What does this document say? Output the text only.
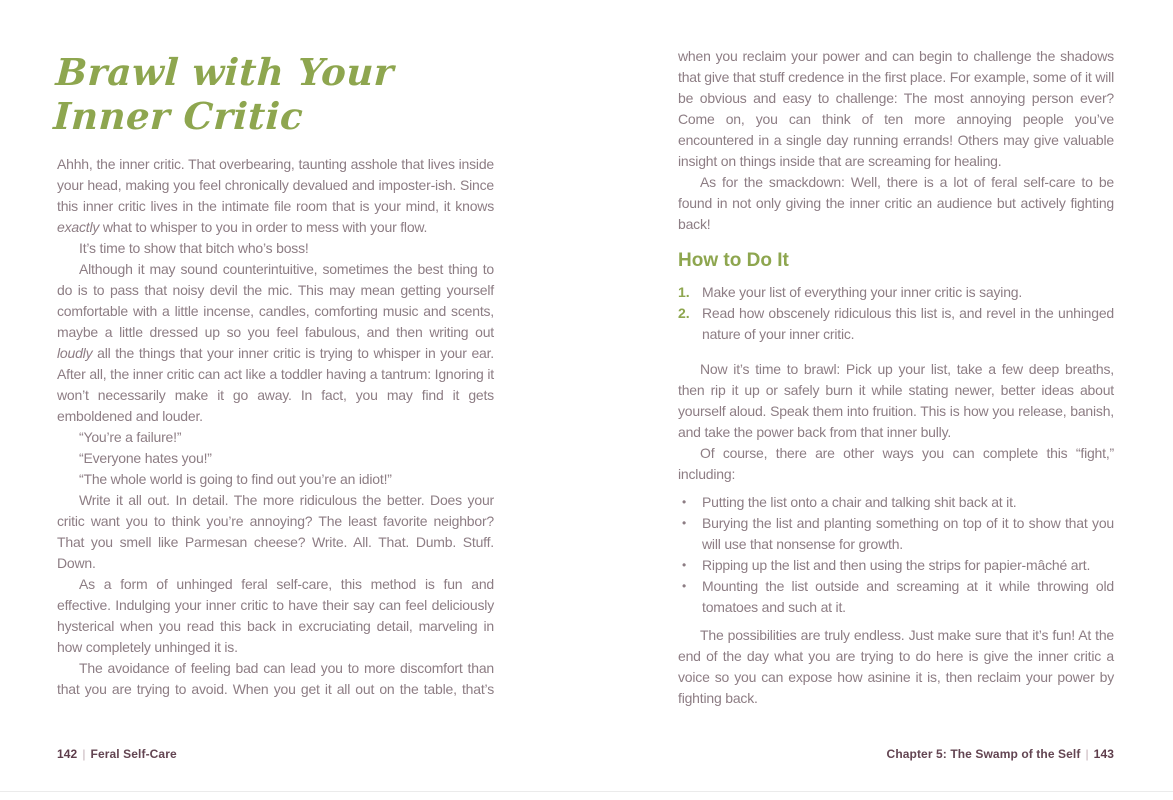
Brawl with Your
Inner Critic

Ahhh, the inner critic. That overbearing, taunting asshole that lives inside your head, making you feel chronically devalued and imposter-ish. Since this inner critic lives in the intimate file room that is your mind, it knows exactly what to whisper to you in order to mess with your flow.

It’s time to show that bitch who’s boss!

Although it may sound counterintuitive, sometimes the best thing to do is to pass that noisy devil the mic. This may mean getting yourself comfortable with a little incense, candles, comforting music and scents, maybe a little dressed up so you feel fabulous, and then writing out loudly all the things that your inner critic is trying to whisper in your ear. After all, the inner critic can act like a toddler having a tantrum: Ignoring it won’t necessarily make it go away. In fact, you may find it gets emboldened and louder.

“You’re a failure!”

“Everyone hates you!”

“The whole world is going to find out you’re an idiot!”

Write it all out. In detail. The more ridiculous the better. Does your critic want you to think you’re annoying? The least favorite neighbor? That you smell like Parmesan cheese? Write. All. That. Dumb. Stuff. Down.

As a form of unhinged feral self-care, this method is fun and effective. Indulging your inner critic to have their say can feel deliciously hysterical when you read this back in excruciating detail, marveling in how completely unhinged it is.

The avoidance of feeling bad can lead you to more discomfort than that you are trying to avoid. When you get it all out on the table, that’s

when you reclaim your power and can begin to challenge the shadows that give that stuff credence in the first place. For example, some of it will be obvious and easy to challenge: The most annoying person ever? Come on, you can think of ten more annoying people you’ve encountered in a single day running errands! Others may give valuable insight on things inside that are screaming for healing.

As for the smackdown: Well, there is a lot of feral self-care to be found in not only giving the inner critic an audience but actively fighting back!

How to Do It
1. Make your list of everything your inner critic is saying.
2. Read how obscenely ridiculous this list is, and revel in the unhinged nature of your inner critic.

Now it’s time to brawl: Pick up your list, take a few deep breaths, then rip it up or safely burn it while stating newer, better ideas about yourself aloud. Speak them into fruition. This is how you release, banish, and take the power back from that inner bully.

Of course, there are other ways you can complete this “fight,” including:

•	Putting the list onto a chair and talking shit back at it.
•	Burying the list and planting something on top of it to show that you will use that nonsense for growth.
•	Ripping up the list and then using the strips for papier-mâché art.
•	Mounting the list outside and screaming at it while throwing old tomatoes and such at it.

The possibilities are truly endless. Just make sure that it’s fun! At the end of the day what you are trying to do here is give the inner critic a voice so you can expose how asinine it is, then reclaim your power by fighting back.

142 | Feral Self-Care	Chapter 5: The Swamp of the Self | 143
